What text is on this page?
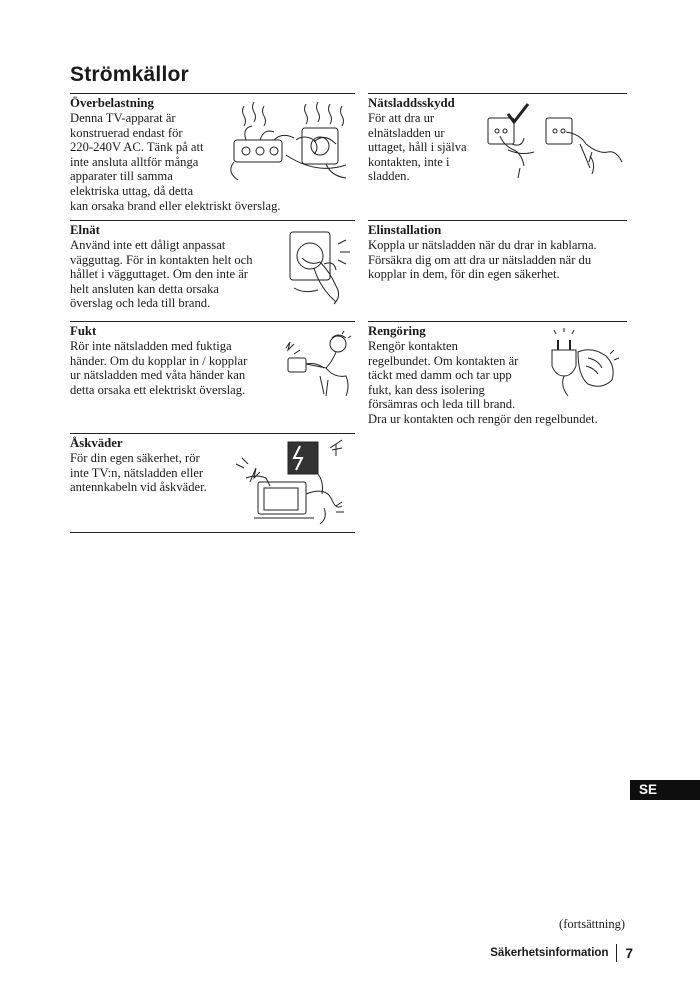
Strömkällor
Överbelastning

Denna TV-apparat är
konstruerad endast för
220-240V AC. Tänk på att
inte ansluta alltför många
apparater till samma
elektriska uttag, då detta
kan orsaka brand eller elektriskt överslag.

Nätsladdsskydd

För att dra ur
elnätsladden ur
uttaget, håll i själva
kontakten, inte i
sladden.

Elnät

Använd inte ett dåligt anpassat
vägguttag. För in kontakten helt och
hållet i vägguttaget. Om den inte är
helt ansluten kan detta orsaka
överslag och leda till brand.

Elinstallation

Koppla ur nätsladden när du drar in kablarna.
Försäkra dig om att dra ur nätsladden när du
kopplar in dem, för din egen säkerhet.

Fukt

Rör inte nätsladden med fuktiga
händer. Om du kopplar in / kopplar
ur nätsladden med våta händer kan
detta orsaka ett elektriskt överslag.

Rengöring

Rengör kontakten
regelbundet. Om kontakten är
täckt med damm och tar upp
fukt, kan dess isolering
försämras och leda till brand.
Dra ur kontakten och rengör den regelbundet.

Åskväder

För din egen säkerhet, rör
inte TV:n, nätsladden eller
antennkabeln vid åskväder.

SE
(fortsättning)
Säkerhetsinformation 7
